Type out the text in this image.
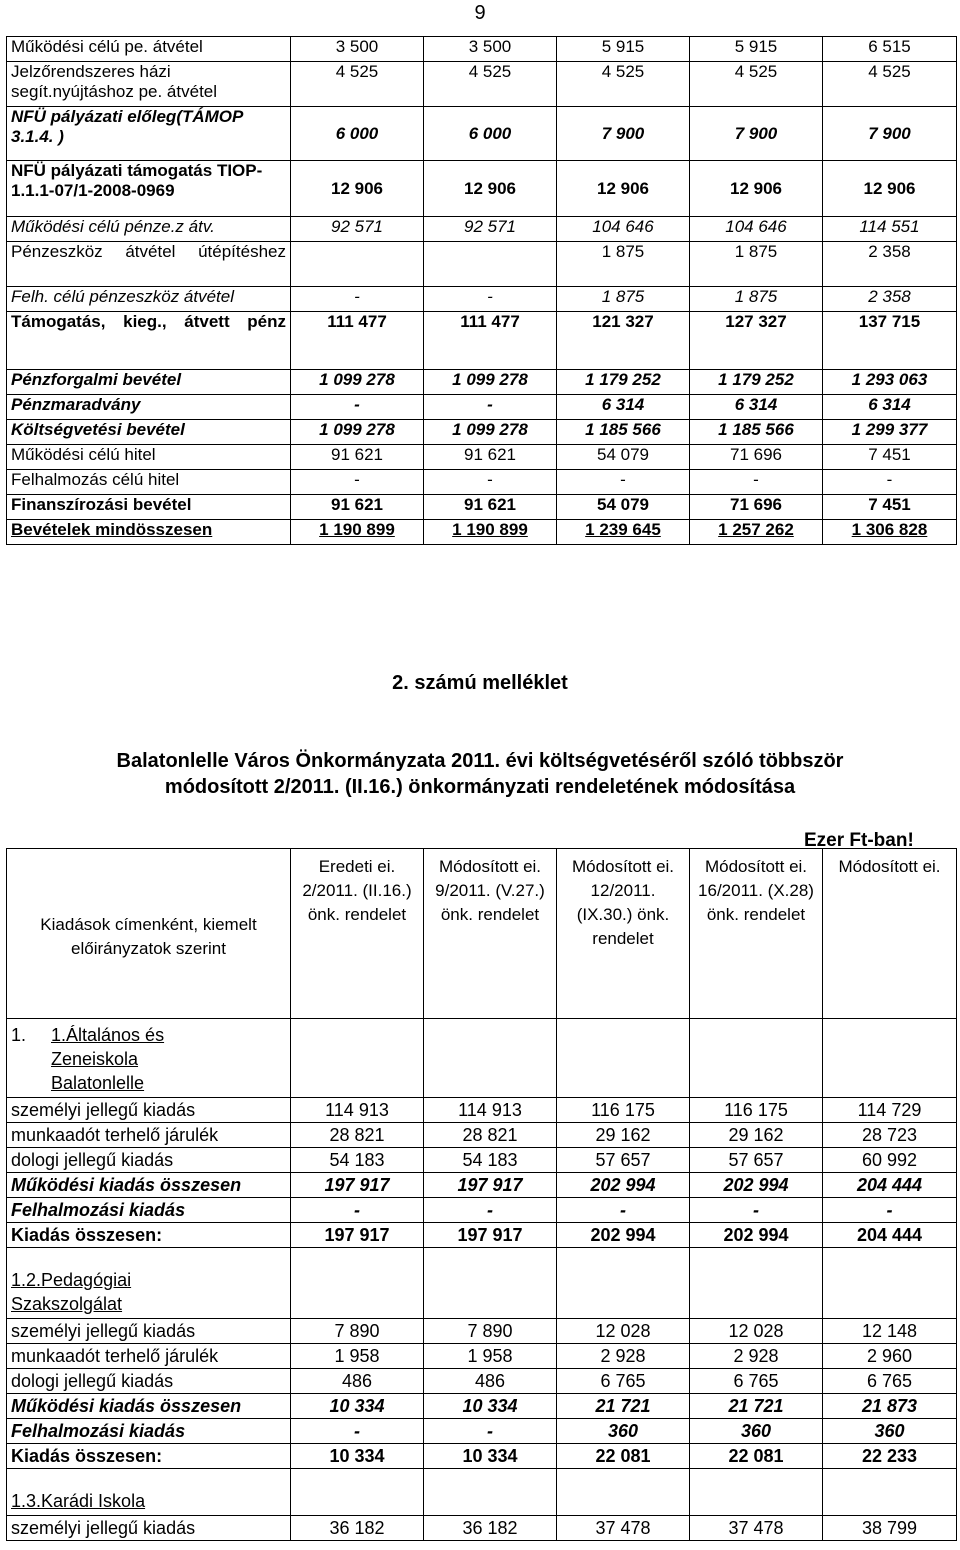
9
Működési célú pe. átvétel	3 500	3 500	5 915	5 915	6 515
Jelzőrendszeres házi segít.nyújtáshoz pe. átvétel	4 525	4 525	4 525	4 525	4 525
NFÜ pályázati előleg(TÁMOP 3.1.4. )	6 000	6 000	7 900	7 900	7 900
NFÜ pályázati támogatás TIOP-1.1.1-07/1-2008-0969	12 906	12 906	12 906	12 906	12 906
Működési célú pénze.z átv.	92 571	92 571	104 646	104 646	114 551
Pénzeszköz átvétel útépítéshez			1 875	1 875	2 358
Felh. célú pénzeszköz átvétel	-	-	1 875	1 875	2 358
Támogatás, kieg., átvett pénz	111 477	111 477	121 327	127 327	137 715
Pénzforgalmi bevétel	1 099 278	1 099 278	1 179 252	1 179 252	1 293 063
Pénzmaradvány	-	-	6 314	6 314	6 314
Költségvetési bevétel	1 099 278	1 099 278	1 185 566	1 185 566	1 299 377
Működési célú hitel	91 621	91 621	54 079	71 696	7 451
Felhalmozás célú hitel	-	-	-	-	-
Finanszírozási bevétel	91 621	91 621	54 079	71 696	7 451
Bevételek mindösszesen	1 190 899	1 190 899	1 239 645	1 257 262	1 306 828
2. számú melléklet
Balatonlelle Város Önkormányzata 2011. évi költségvetéséről szóló többször
módosított 2/2011. (II.16.) önkormányzati rendeletének módosítása
Ezer Ft-ban!
Kiadások címenként, kiemelt előirányzatok szerint	Eredeti ei. 2/2011. (II.16.) önk. rendelet	Módosított ei. 9/2011. (V.27.) önk. rendelet	Módosított ei. 12/2011. (IX.30.) önk. rendelet	Módosított ei. 16/2011. (X.28) önk. rendelet	Módosított ei.

1. 1.Általános és Zeneiskola Balatonlelle					

személyi jellegű kiadás	114 913	114 913	116 175	116 175	114 729
munkaadót terhelő járulék	28 821	28 821	29 162	29 162	28 723
dologi jellegű kiadás	54 183	54 183	57 657	57 657	60 992
Működési kiadás összesen	197 917	197 917	202 994	202 994	204 444
Felhalmozási kiadás	-	-	-	-	-
Kiadás összesen:	197 917	197 917	202 994	202 994	204 444

1.2.Pedagógiai Szakszolgálat					

személyi jellegű kiadás	7 890	7 890	12 028	12 028	12 148
munkaadót terhelő járulék	1 958	1 958	2 928	2 928	2 960
dologi jellegű kiadás	486	486	6 765	6 765	6 765
Működési kiadás összesen	10 334	10 334	21 721	21 721	21 873
Felhalmozási kiadás	-	-	360	360	360
Kiadás összesen:	10 334	10 334	22 081	22 081	22 233

1.3.Karádi Iskola					

személyi jellegű kiadás	36 182	36 182	37 478	37 478	38 799
